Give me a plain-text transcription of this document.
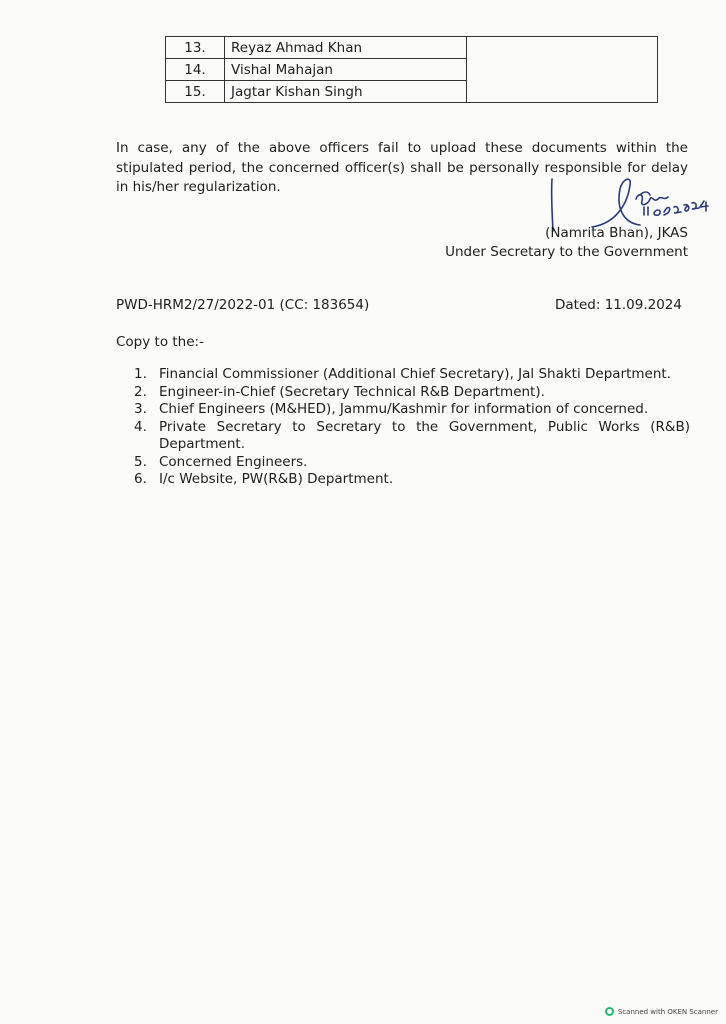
13.	Reyaz Ahmad Khan	
14.	Vishal Mahajan	
15.	Jagtar Kishan Singh	

In case, any of the above officers fail to upload these documents within the stipulated period, the concerned officer(s) shall be personally responsible for delay in his/her regularization.

(Namrita Bhan), JKAS
Under Secretary to the Government
PWD-HRM2/27/2022-01 (CC: 183654)	Dated: 11.09.2024
Copy to the:-
1. Financial Commissioner (Additional Chief Secretary), Jal Shakti Department.
2. Engineer-in-Chief (Secretary Technical R&B Department).
3. Chief Engineers (M&HED), Jammu/Kashmir for information of concerned.
4. Private Secretary to Secretary to the Government, Public Works (R&B) Department.
5. Concerned Engineers.
6. I/c Website, PW(R&B) Department.
Scanned with OKEN Scanner
